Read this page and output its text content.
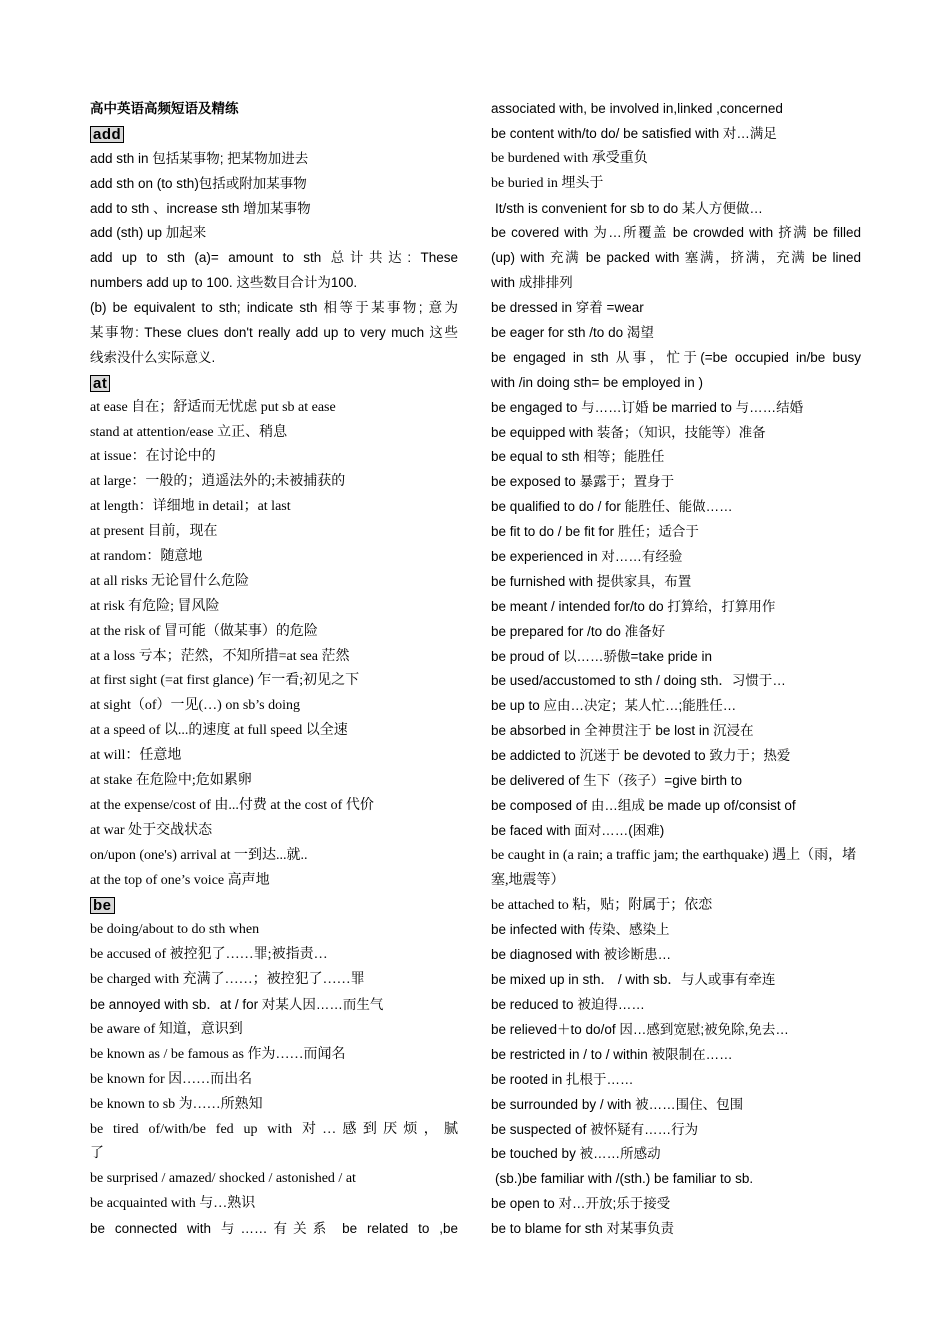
高中英语高频短语及精练
add
add sth in 包括某事物; 把某物加进去
add sth on (to sth)包括或附加某事物
add to sth 、increase sth 增加某事物
add (sth) up 加起来
add up to sth (a)= amount to sth 总计共达: These
numbers add up to 100. 这些数目合计为100.
(b) be equivalent to sth; indicate sth 相等于某事物; 意为
某事物: These clues don't really add up to very much 这些
线索没什么实际意义.
at
at ease 自在；舒适而无忧虑 put sb at ease
stand at attention/ease 立正、稍息
at issue：在讨论中的
at large：一般的；逍遥法外的;未被捕获的
at length：详细地 in detail；at last
at present 目前，现在
at random：随意地
at all risks 无论冒什么危险
at risk 有危险; 冒风险
at the risk of 冒可能（做某事）的危险
at a loss 亏本；茫然，不知所措=at sea 茫然
at first sight (=at first glance) 乍一看;初见之下
at sight（of）一见(…) on sb’s doing
at a speed of 以...的速度 at full speed 以全速
at will：任意地
at stake 在危险中;危如累卵
at the expense/cost of 由...付费 at the cost of 代价
at war 处于交战状态
on/upon (one's) arrival at 一到达...就..
at the top of one’s voice 高声地
be
be doing/about to do sth when
be accused of 被控犯了……罪;被指责…
be charged with 充满了……；被控犯了……罪
be annoyed with sb．at / for 对某人因……而生气
be aware of 知道，意识到
be known as / be famous as 作为……而闻名
be known for 因……而出名
be known to sb 为……所熟知
be tired of/with/be fed up with 对…感到厌烦，腻
了
be surprised / amazed/ shocked / astonished / at
be acquainted with 与…熟识
be connected with 与……有关系 be related to ,be
associated with, be involved in,linked ,concerned
be content with/to do/ be satisfied with 对…满足
be burdened with 承受重负
be buried in 埋头于
It/sth is convenient for sb to do 某人方便做…
be covered with 为…所覆盖 be crowded with 挤满 be filled
(up) with 充满 be packed with 塞满，挤满，充满 be lined
with 成排排列
be dressed in 穿着 =wear
be eager for sth /to do 渴望
be engaged in sth 从事，忙于(=be occupied in/be busy
with /in doing sth= be employed in )
be engaged to 与……订婚 be married to 与……结婚
be equipped with 装备；（知识，技能等）准备
be equal to sth 相等；能胜任
be exposed to 暴露于；置身于
be qualified to do / for 能胜任、能做……
be fit to do / be fit for 胜任；适合于
be experienced in 对……有经验
be furnished with 提供家具，布置
be meant / intended for/to do 打算给，打算用作
be prepared for /to do 准备好
be proud of 以……骄傲=take pride in
be used/accustomed to sth / doing sth．习惯于…
be up to 应由…决定；某人忙…;能胜任…
be absorbed in 全神贯注于 be lost in 沉浸在
be addicted to 沉迷于 be devoted to 致力于；热爱
be delivered of 生下（孩子）=give birth to
be composed of 由…组成 be made up of/consist of
be faced with 面对……(困难)
be caught in (a rain; a traffic jam; the earthquake) 遇上（雨，堵
塞,地震等）
be attached to 粘，贴；附属于；依恋
be infected with 传染、感染上
be diagnosed with 被诊断患…
be mixed up in sth． / with sb．与人或事有牵连
be reduced to 被迫得……
be relieved＋to do/of 因…感到宽慰;被免除,免去…
be restricted in / to / within 被限制在……
be rooted in 扎根于……
be surrounded by / with 被……围住、包围
be suspected of 被怀疑有……行为
be touched by 被……所感动
(sb.)be familiar with /(sth.) be familiar to sb.
be open to 对…开放;乐于接受
be to blame for sth 对某事负责
